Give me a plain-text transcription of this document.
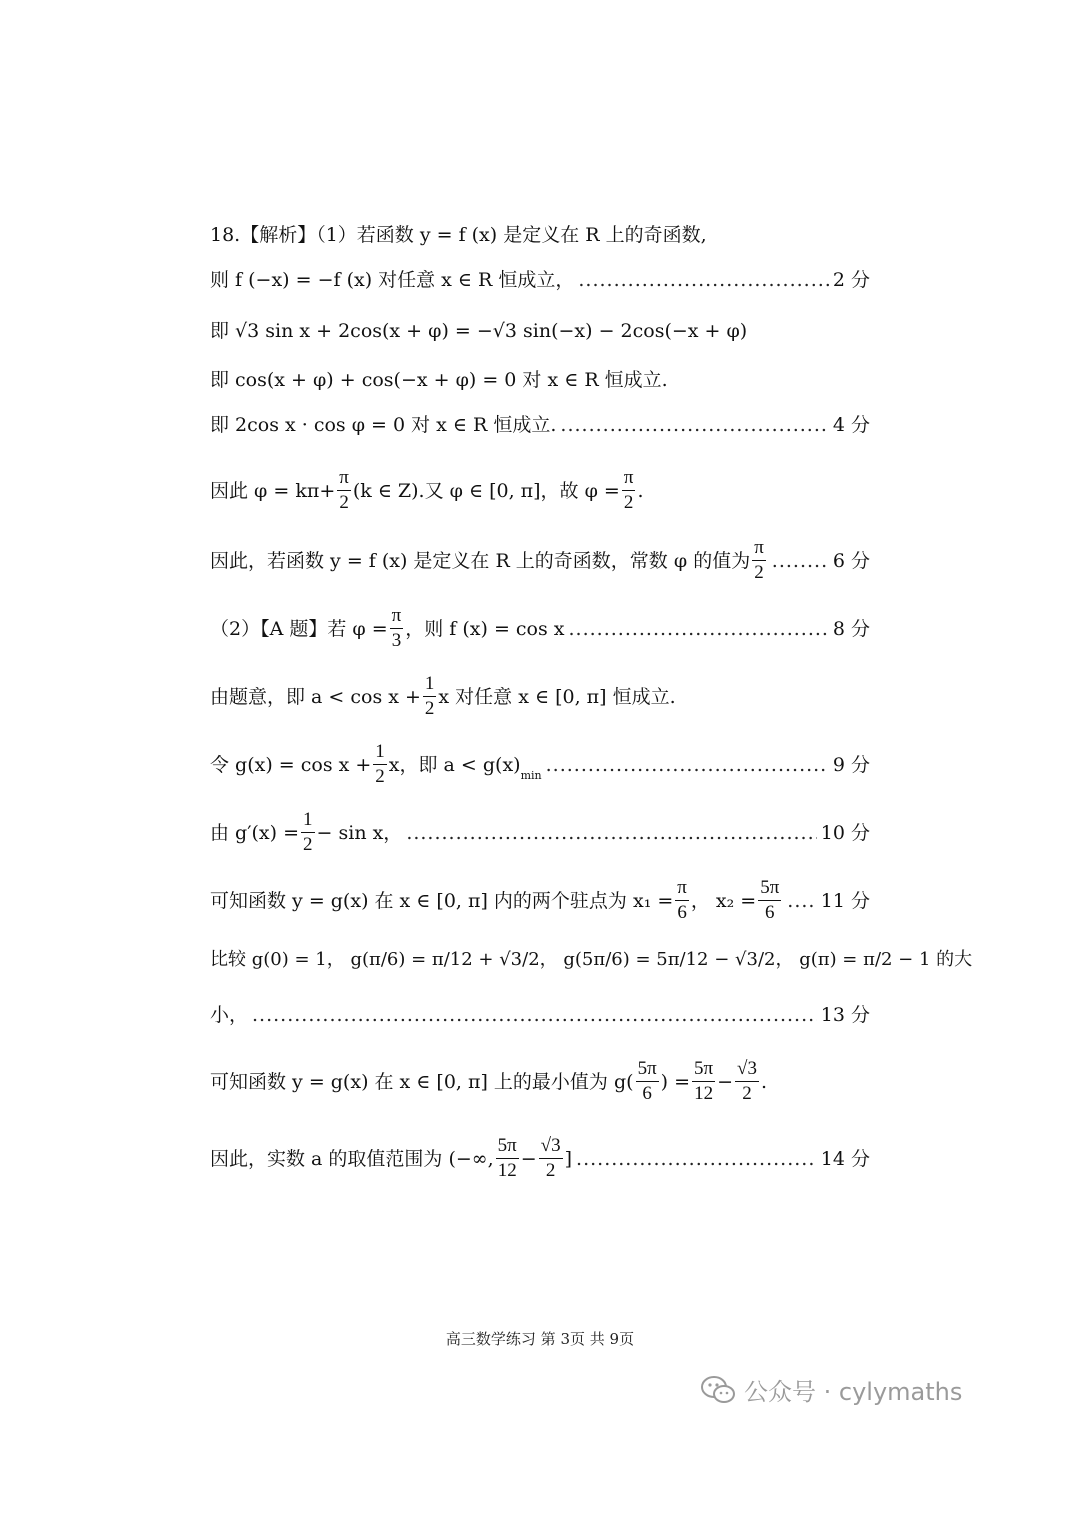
18.【解析】（1）若函数 y = f (x) 是定义在 R 上的奇函数,
则 f (−x) = −f (x) 对任意 x ∈ R 恒成立， .....	2 分
即 √3 sin x + 2cos(x + φ) = −√3 sin(−x) − 2cos(−x + φ)
即 cos(x + φ) + cos(−x + φ) = 0 对 x ∈ R 恒成立.
即 2cos x · cos φ = 0 对 x ∈ R 恒成立. .....	4 分
因此 $\varphi = k\pi+ \frac{\pi}{2} (k$ ∈ Z).又 φ ∈ [0, π]，故 $\varphi = \frac{\pi}{2}$ .
因此，若函数 y = f (x) 是定义在 R 上的奇函数，常数 φ 的值为 $\frac{\pi}{2}$ .....	6 分
（2）【A 题】若 $\varphi = \frac{\pi}{3}$ ，则 f (x) = cos x .....	8 分
由题意，即 $a < \cos x + \frac{1}{2}$ x 对任意 x ∈ [0, π] 恒成立.
令 $g(x) = \cos x + \frac{1}{2}$ x，即 $a < g(x)_{min}$ .....	9 分
由 $g'(x) = \frac{1}{2} - \sin x$， .....	10 分
可知函数 y = g(x) 在 x ∈ [0, π] 内的两个驻点为 $x_1 = \frac{\pi}{6}$ ， $x_2 = \frac{5\pi}{6}$ ..... 11 分
比较 g(0) = 1， g(π/6) = π/12 + √3/2， g(5π/6) = 5π/12 − √3/2， g(π) = π/2 − 1 的大
小， .....	13 分
可知函数 y = g(x) 在 x ∈ [0, π] 上的最小值为 $g( \frac{5\pi}{6}$ ) = $\frac{5\pi}{12} - \frac{√3}{2}$ .
因此，实数 a 的取值范围为 (−∞, $\frac{5\pi}{12} - \frac{√3}{2}$ ] .....	14 分
高三数学练习 第 3页 共 9页
公众号 · cylymaths
